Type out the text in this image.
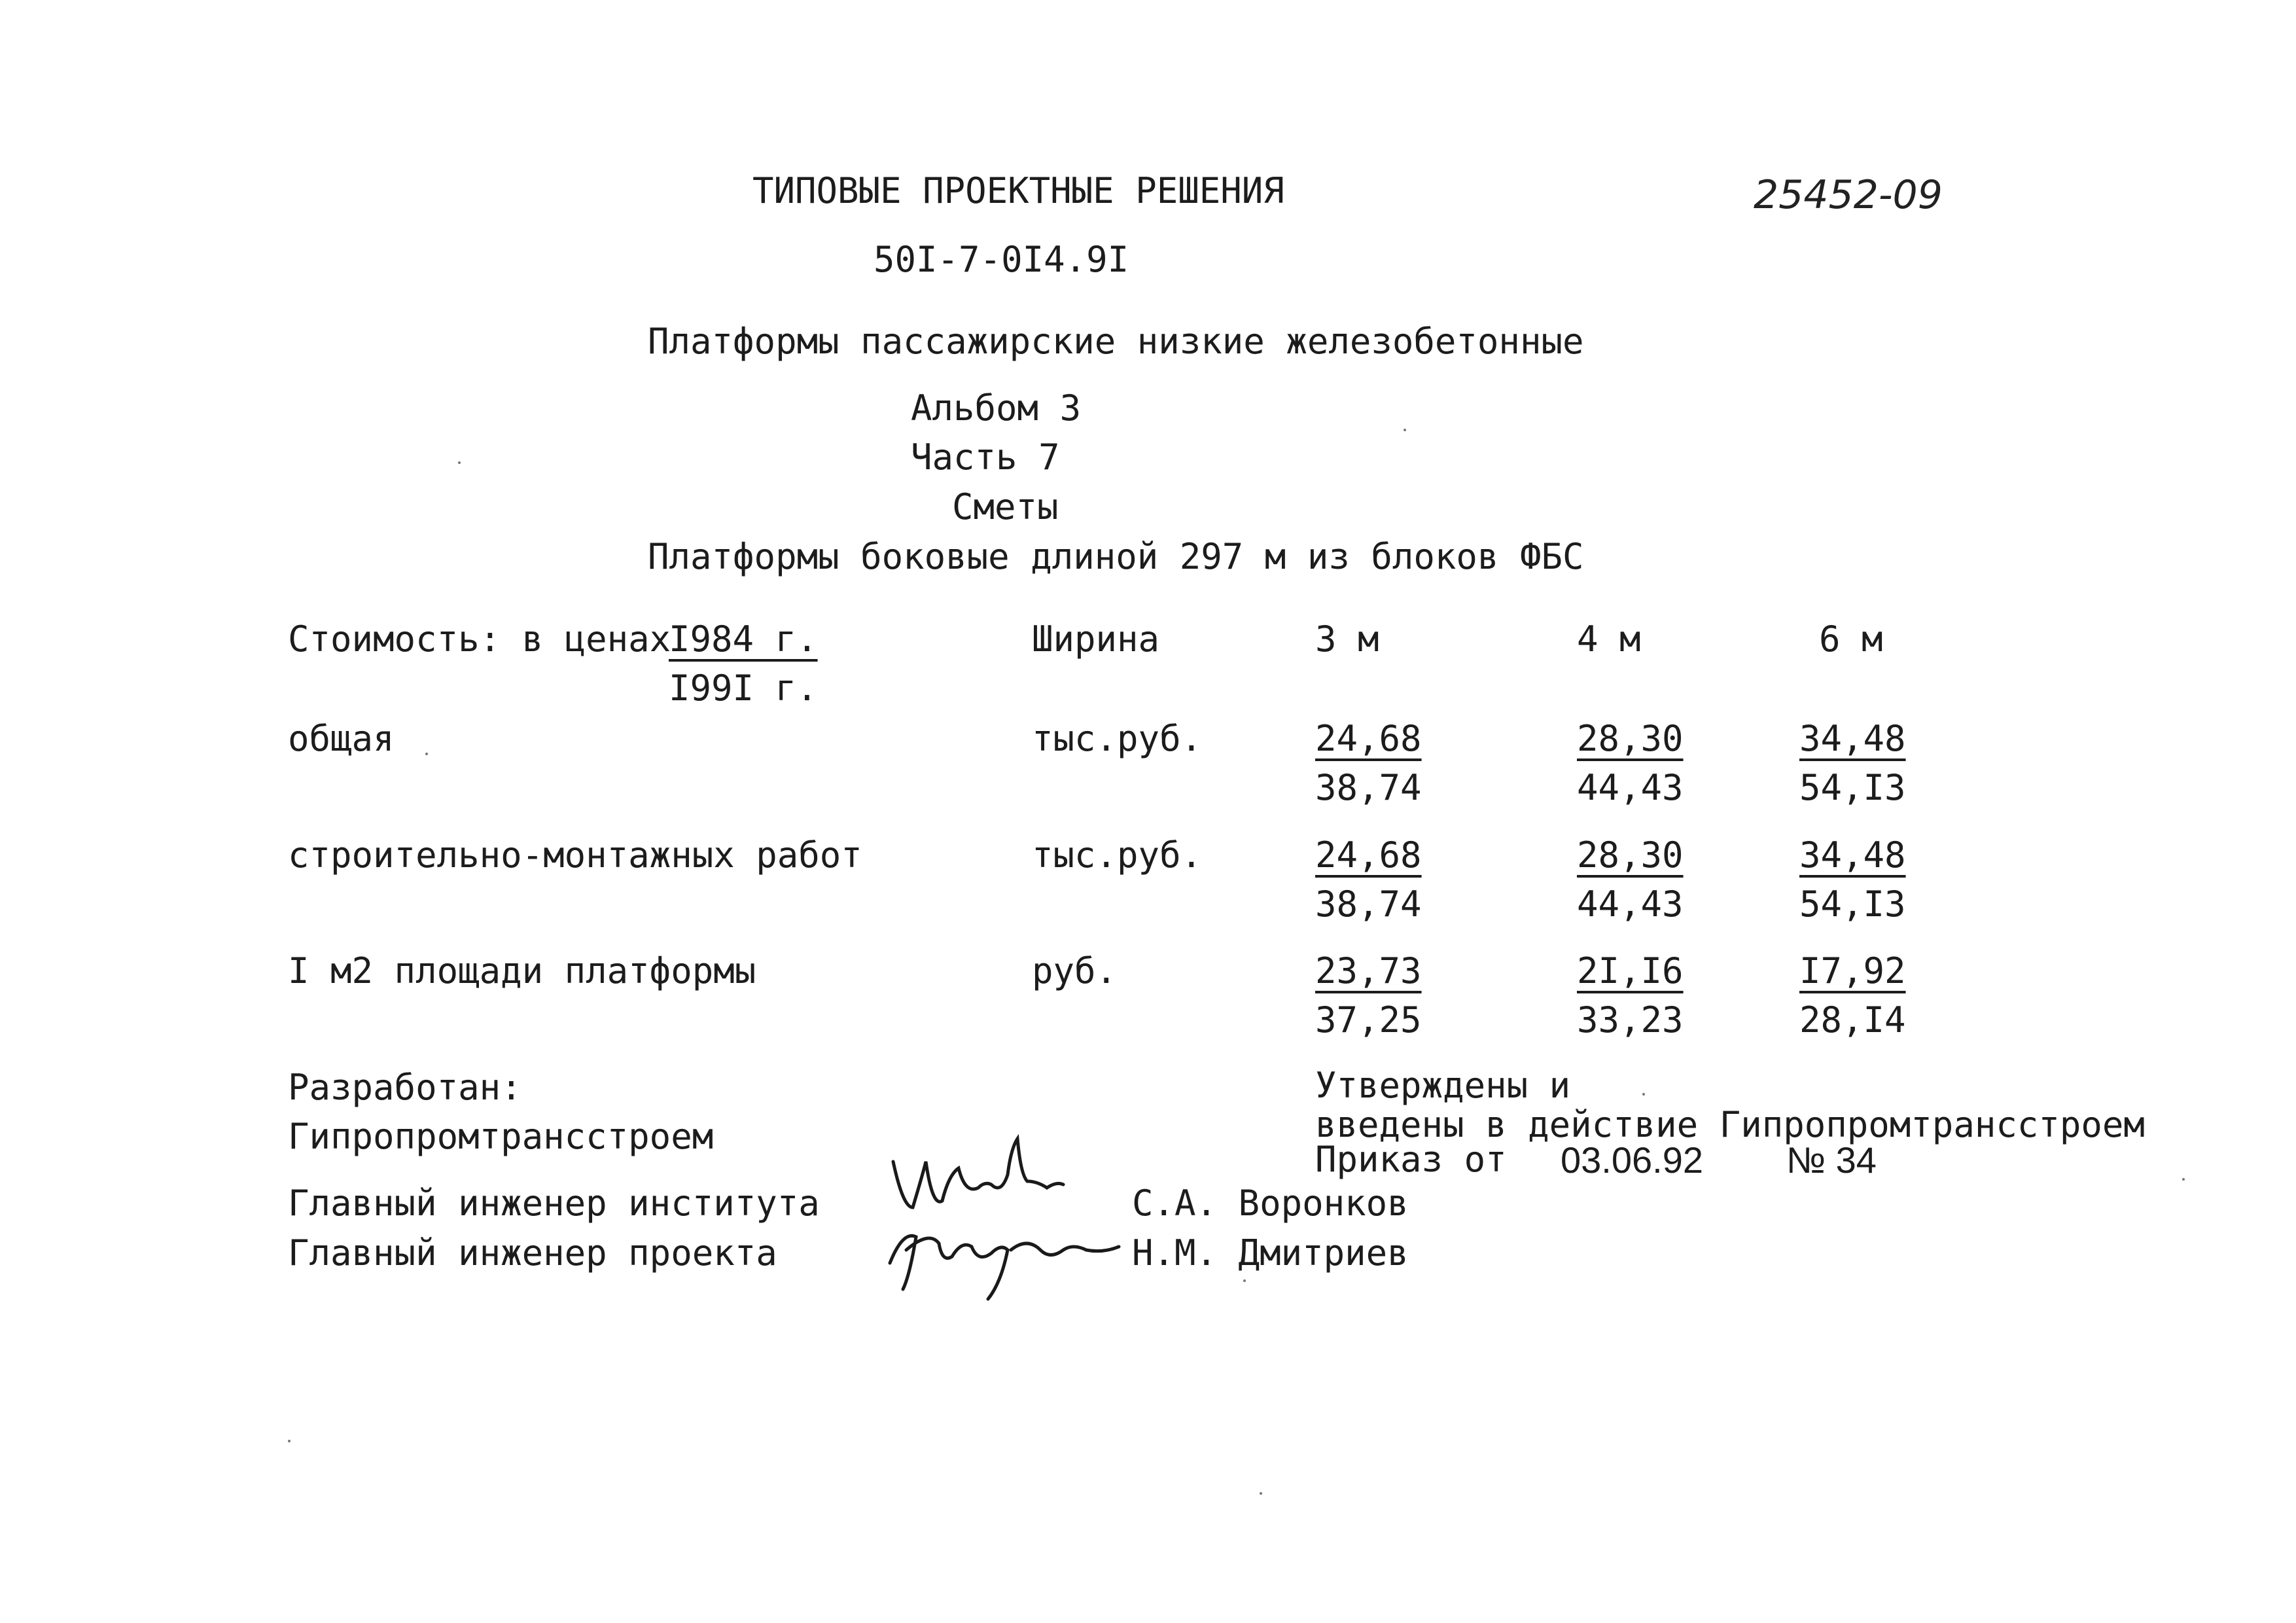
ТИПОВЫЕ ПРОЕКТНЫЕ РЕШЕНИЯ	25452-09
50I-7-0I4.9I
Платформы пассажирские низкие железобетонные
Альбом 3
Часть 7
Сметы
Платформы боковые длиной 297 м из блоков ФБС
Стоимость: в ценах
I984 г.
I99I г.
Ширина	3 м	4 м	6 м
общая	тыс.руб.	24,68	28,30	34,48
38,74	44,43	54,I3
строительно-монтажных работ	тыс.руб.	24,68	28,30	34,48
38,74	44,43	54,I3
I м2 площади платформы	руб.	23,73	2I,I6	I7,92
37,25	33,23	28,I4
Разработан:
Гипропромтрансстроем
Утверждены и
введены в действие Гипропромтрансстроем
Приказ от 03.06.92 № 34
Главный инженер института	С.А. Воронков
Главный инженер проекта	Н.М. Дмитриев
